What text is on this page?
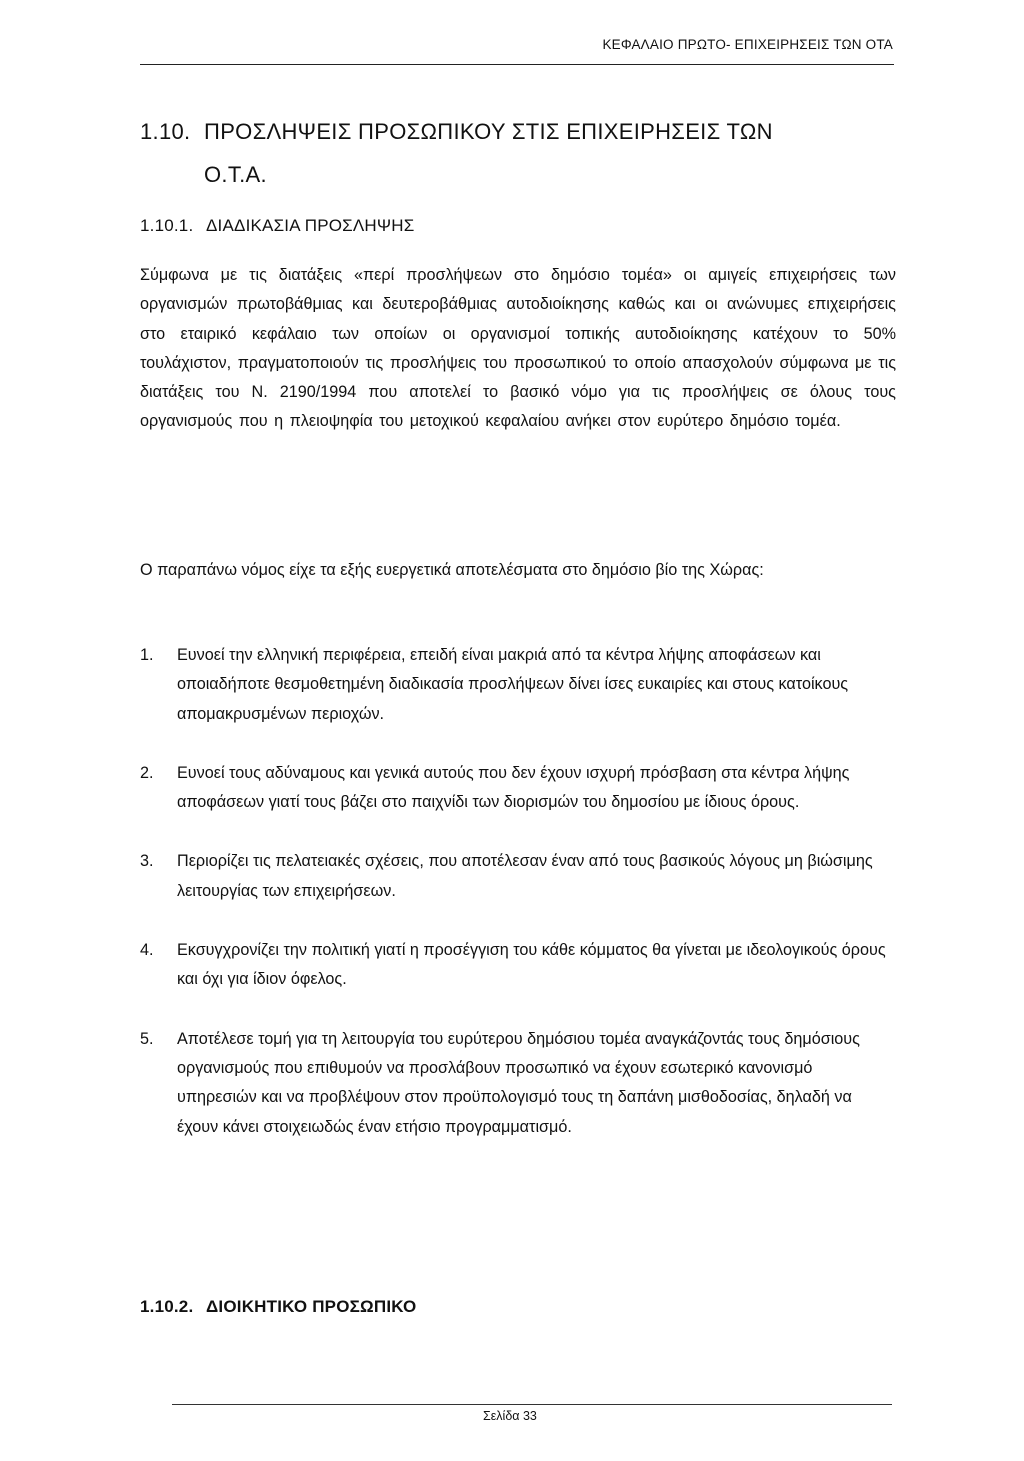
ΚΕΦΑΛΑΙΟ ΠΡΩΤΟ- ΕΠΙΧΕΙΡΗΣΕΙΣ ΤΩΝ ΟΤΑ
1.10. ΠΡΟΣΛΗΨΕΙΣ ΠΡΟΣΩΠΙΚΟΥ ΣΤΙΣ ΕΠΙΧΕΙΡΗΣΕΙΣ ΤΩΝ
Ο.Τ.Α.
1.10.1. ΔΙΑΔΙΚΑΣΙΑ ΠΡΟΣΛΗΨΗΣ

Σύμφωνα με τις διατάξεις «περί προσλήψεων στο δημόσιο τομέα» οι αμιγείς επιχειρήσεις των οργανισμών πρωτοβάθμιας και δευτεροβάθμιας αυτοδιοίκησης καθώς και οι ανώνυμες επιχειρήσεις στο εταιρικό κεφάλαιο των οποίων οι οργανισμοί τοπικής αυτοδιοίκησης κατέχουν το 50% τουλάχιστον, πραγματοποιούν τις προσλήψεις του προσωπικού το οποίο απασχολούν σύμφωνα με τις διατάξεις του Ν. 2190/1994 που αποτελεί το βασικό νόμο για τις προσλήψεις σε όλους τους οργανισμούς που η πλειοψηφία του μετοχικού κεφαλαίου ανήκει στον ευρύτερο δημόσιο τομέα.

Ο παραπάνω νόμος είχε τα εξής ευεργετικά αποτελέσματα στο δημόσιο βίο της Χώρας:

1.	Ευνοεί την ελληνική περιφέρεια, επειδή είναι μακριά από τα κέντρα λήψης αποφάσεων και οποιαδήποτε θεσμοθετημένη διαδικασία προσλήψεων δίνει ίσες ευκαιρίες και στους κατοίκους απομακρυσμένων περιοχών.
2.	Ευνοεί τους αδύναμους και γενικά αυτούς που δεν έχουν ισχυρή πρόσβαση στα κέντρα λήψης αποφάσεων γιατί τους βάζει στο παιχνίδι των διορισμών του δημοσίου με ίδιους όρους.
3.	Περιορίζει τις πελατειακές σχέσεις, που αποτέλεσαν έναν από τους βασικούς λόγους μη βιώσιμης λειτουργίας των επιχειρήσεων.
4.	Εκσυγχρονίζει την πολιτική γιατί η προσέγγιση του κάθε κόμματος θα γίνεται με ιδεολογικούς όρους και όχι για ίδιον όφελος.
5.	Αποτέλεσε τομή για τη λειτουργία του ευρύτερου δημόσιου τομέα αναγκάζοντάς τους δημόσιους οργανισμούς που επιθυμούν να προσλάβουν προσωπικό να έχουν εσωτερικό κανονισμό υπηρεσιών και να προβλέψουν στον προϋπολογισμό τους τη δαπάνη μισθοδοσίας, δηλαδή να έχουν κάνει στοιχειωδώς έναν ετήσιο προγραμματισμό.
1.10.2. ΔΙΟΙΚΗΤΙΚΟ ΠΡΟΣΩΠΙΚΟ
Σελίδα 33
